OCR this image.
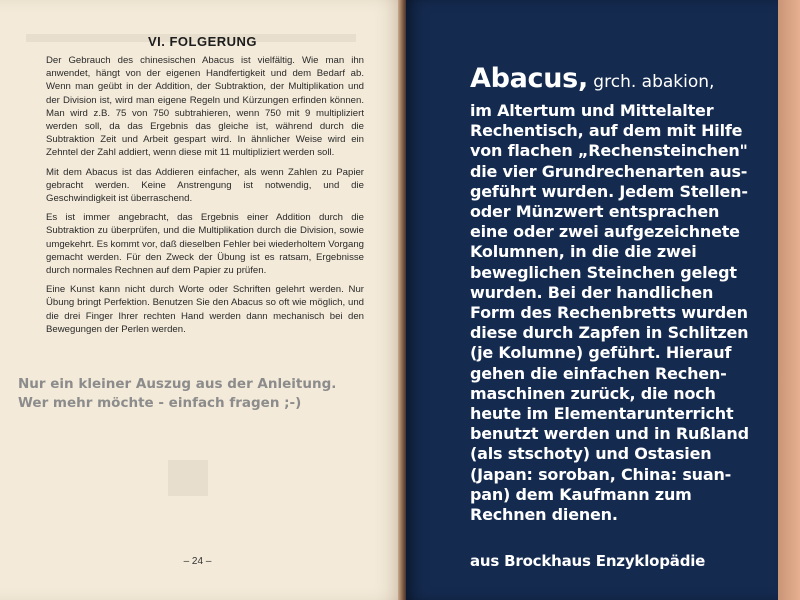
VI. FOLGERUNG

Der Gebrauch des chinesischen Abacus ist vielfältig. Wie man ihn anwendet, hängt von der eigenen Handfertigkeit und dem Bedarf ab. Wenn man geübt in der Addition, der Subtraktion, der Multiplikation und der Division ist, wird man eigene Regeln und Kürzungen erfinden können. Man wird z.B. 75 von 750 subtrahieren, wenn 750 mit 9 multipliziert werden soll, da das Ergebnis das gleiche ist, während durch die Subtraktion Zeit und Arbeit gespart wird. In ähnlicher Weise wird ein Zehntel der Zahl addiert, wenn diese mit 11 multipliziert werden soll.

Mit dem Abacus ist das Addieren einfacher, als wenn Zahlen zu Papier gebracht werden. Keine Anstrengung ist notwendig, und die Geschwindigkeit ist überraschend.

Es ist immer angebracht, das Ergebnis einer Addition durch die Subtraktion zu überprüfen, und die Multiplikation durch die Division, sowie umgekehrt. Es kommt vor, daß dieselben Fehler bei wiederholtem Vorgang gemacht werden. Für den Zweck der Übung ist es ratsam, Ergebnisse durch normales Rechnen auf dem Papier zu prüfen.

Eine Kunst kann nicht durch Worte oder Schriften gelehrt werden. Nur Übung bringt Perfektion. Benutzen Sie den Abacus so oft wie möglich, und die drei Finger Ihrer rechten Hand werden dann mechanisch bei den Bewegungen der Perlen werden.

Nur ein kleiner Auszug aus der Anleitung.
Wer mehr möchte - einfach fragen ;-)
– 24 –
Abacus, grch. abakion,
im Altertum und Mittelalter
Rechentisch, auf dem mit Hilfe
von flachen „Rechensteinchen"
die vier Grundrechenarten aus-
geführt wurden. Jedem Stellen-
oder Münzwert entsprachen
eine oder zwei aufgezeichnete
Kolumnen, in die die zwei
beweglichen Steinchen gelegt
wurden. Bei der handlichen
Form des Rechenbretts wurden
diese durch Zapfen in Schlitzen
(je Kolumne) geführt. Hierauf
gehen die einfachen Rechen-
maschinen zurück, die noch
heute im Elementarunterricht
benutzt werden und in Rußland
(als stschoty) und Ostasien
(Japan: soroban, China: suan-
pan) dem Kaufmann zum
Rechnen dienen.
aus Brockhaus Enzyklopädie
